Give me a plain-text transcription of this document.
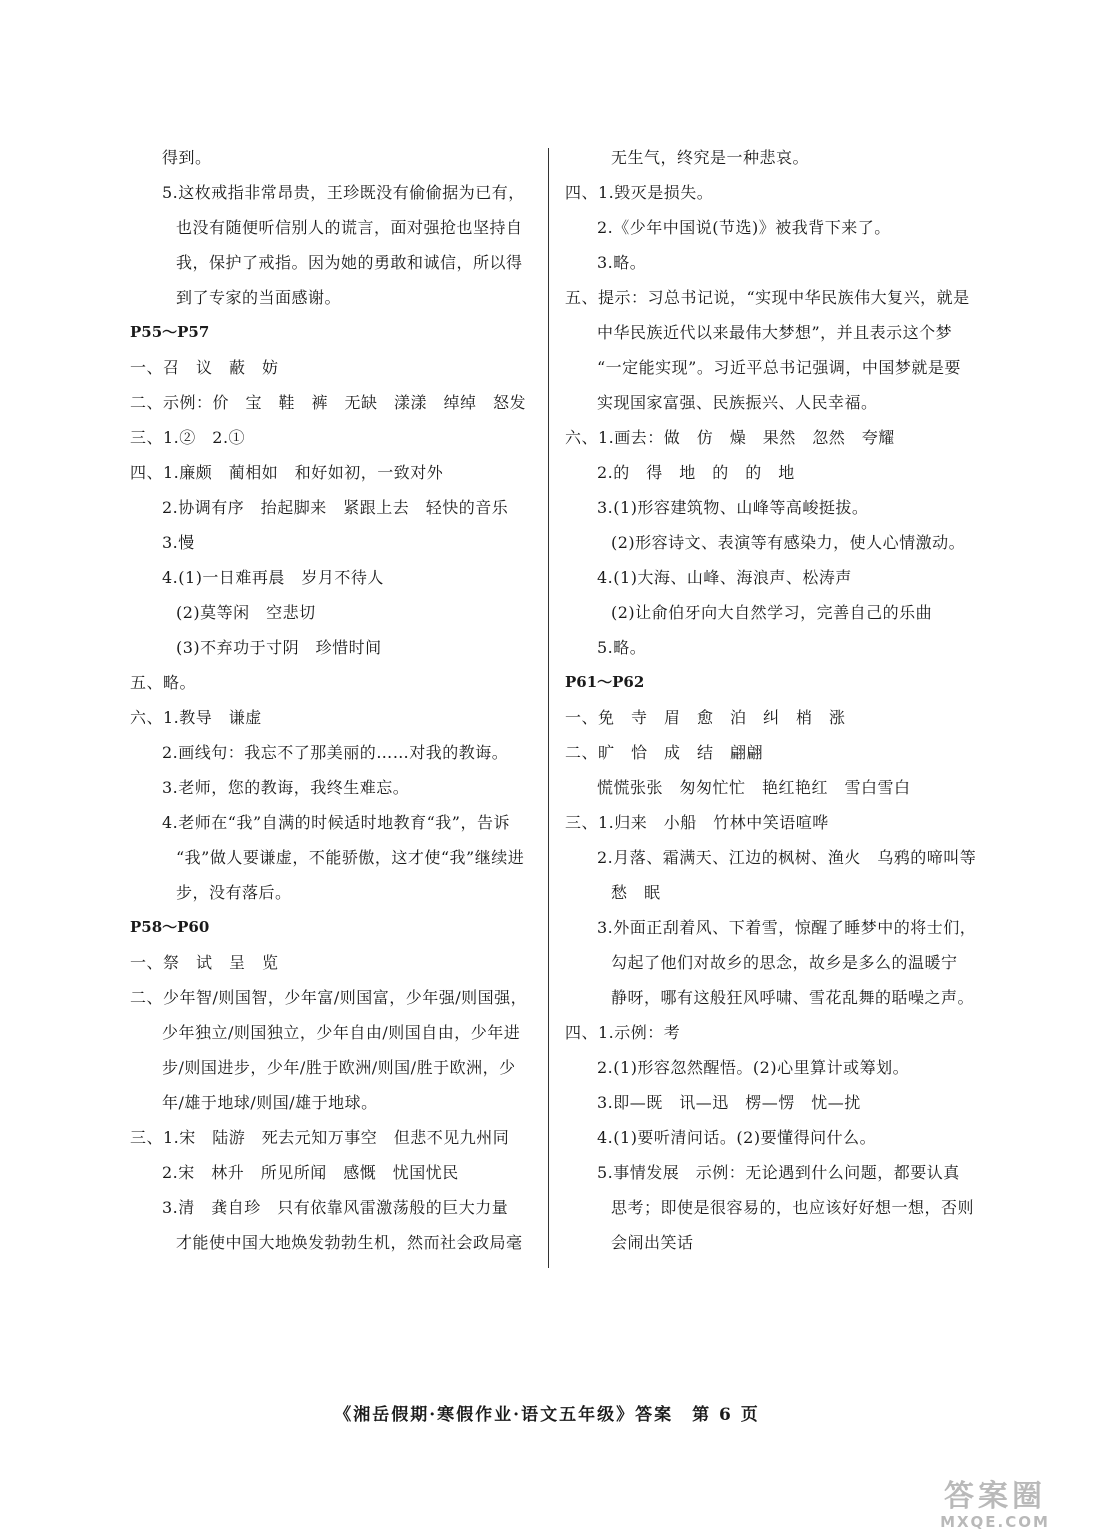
得到。
5.这枚戒指非常昂贵，王珍既没有偷偷据为已有，
也没有随便听信别人的谎言，面对强抢也坚持自
我，保护了戒指。因为她的勇敢和诚信，所以得
到了专家的当面感谢。
P55～P57
一、召　议　蔽　妨
二、示例：价　宝　鞋　裤　无缺　漾漾　绰绰　怒发
三、1.②　2.①
四、1.廉颇　蔺相如　和好如初，一致对外
2.协调有序　抬起脚来　紧跟上去　轻快的音乐
3.慢
4.(1)一日难再晨　岁月不待人
(2)莫等闲　空悲切
(3)不弃功于寸阴　珍惜时间
五、略。
六、1.教导　谦虚
2.画线句：我忘不了那美丽的……对我的教诲。
3.老师，您的教诲，我终生难忘。
4.老师在“我”自满的时候适时地教育“我”，告诉
“我”做人要谦虚，不能骄傲，这才使“我”继续进
步，没有落后。
P58～P60
一、祭　试　呈　览
二、少年智/则国智，少年富/则国富，少年强/则国强，
少年独立/则国独立，少年自由/则国自由，少年进
步/则国进步，少年/胜于欧洲/则国/胜于欧洲，少
年/雄于地球/则国/雄于地球。
三、1.宋　陆游　死去元知万事空　但悲不见九州同
2.宋　林升　所见所闻　感慨　忧国忧民
3.清　龚自珍　只有依靠风雷激荡般的巨大力量
才能使中国大地焕发勃勃生机，然而社会政局毫
无生气，终究是一种悲哀。
四、1.毁灭是损失。
2.《少年中国说(节选)》被我背下来了。
3.略。
五、提示：习总书记说，“实现中华民族伟大复兴，就是
中华民族近代以来最伟大梦想”，并且表示这个梦
“一定能实现”。习近平总书记强调，中国梦就是要
实现国家富强、民族振兴、人民幸福。
六、1.画去：做　仿　燥　果然　忽然　夸耀
2.的　得　地　的　的　地
3.(1)形容建筑物、山峰等高峻挺拔。
(2)形容诗文、表演等有感染力，使人心情激动。
4.(1)大海、山峰、海浪声、松涛声
(2)让俞伯牙向大自然学习，完善自己的乐曲
5.略。
P61～P62
一、免　寺　眉　愈　泊　纠　梢　涨
二、旷　恰　成　结　翩翩
慌慌张张　匆匆忙忙　艳红艳红　雪白雪白
三、1.归来　小船　竹林中笑语喧哗
2.月落、霜满天、江边的枫树、渔火　乌鸦的啼叫等
愁　眠
3.外面正刮着风、下着雪，惊醒了睡梦中的将士们，
勾起了他们对故乡的思念，故乡是多么的温暖宁
静呀，哪有这般狂风呼啸、雪花乱舞的聒噪之声。
四、1.示例：考
2.(1)形容忽然醒悟。(2)心里算计或筹划。
3.即—既　讯—迅　楞—愣　忧—扰
4.(1)要听清问话。(2)要懂得问什么。
5.事情发展　示例：无论遇到什么问题，都要认真
思考；即使是很容易的，也应该好好想一想，否则
会闹出笑话
《湘岳假期·寒假作业·语文五年级》答案　第 6 页
答案圈
MXQE.COM
